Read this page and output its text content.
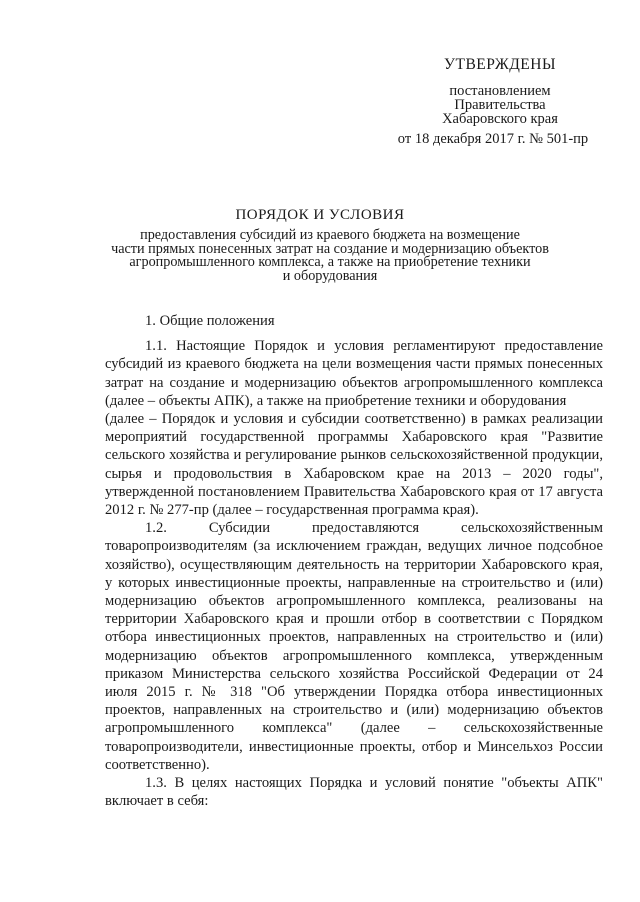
УТВЕРЖДЕНЫ
постановлением
Правительства
Хабаровского края
от 18 декабря 2017 г. № 501-пр
ПОРЯДОК И УСЛОВИЯ
предоставления субсидий из краевого бюджета на возмещение
части прямых понесенных затрат на создание и модернизацию объектов
агропромышленного комплекса, а также на приобретение техники
и оборудования

1. Общие положения

1.1. Настоящие Порядок и условия регламентируют предоставление субсидий из краевого бюджета на цели возмещения части прямых понесенных затрат на создание и модернизацию объектов агропромышленного комплекса (далее – объекты АПК), а также на приобретение техники и оборудования

(далее – Порядок и условия и субсидии соответственно) в рамках реализации мероприятий государственной программы Хабаровского края "Развитие сельского хозяйства и регулирование рынков сельскохозяйственной продукции, сырья и продовольствия в Хабаровском крае на 2013 – 2020 годы", утвержденной постановлением Правительства Хабаровского края от 17 августа 2012 г. № 277-пр (далее – государственная программа края).

1.2. Субсидии предоставляются сельскохозяйственным товаропроизводителям (за исключением граждан, ведущих личное подсобное хозяйство), осуществляющим деятельность на территории Хабаровского края, у которых инвестиционные проекты, направленные на строительство и (или) модернизацию объектов агропромышленного комплекса, реализованы на территории Хабаровского края и прошли отбор в соответствии с Порядком отбора инвестиционных проектов, направленных на строительство и (или) модернизацию объектов агропромышленного комплекса, утвержденным приказом Министерства сельского хозяйства Российской Федерации от 24 июля 2015 г. № 318 "Об утверждении Порядка отбора инвестиционных проектов, направленных на строительство и (или) модернизацию объектов агропромышленного комплекса" (далее – сельскохозяйственные товаропроизводители, инвестиционные проекты, отбор и Минсельхоз России соответственно).

1.3. В целях настоящих Порядка и условий понятие "объекты АПК" включает в себя:
